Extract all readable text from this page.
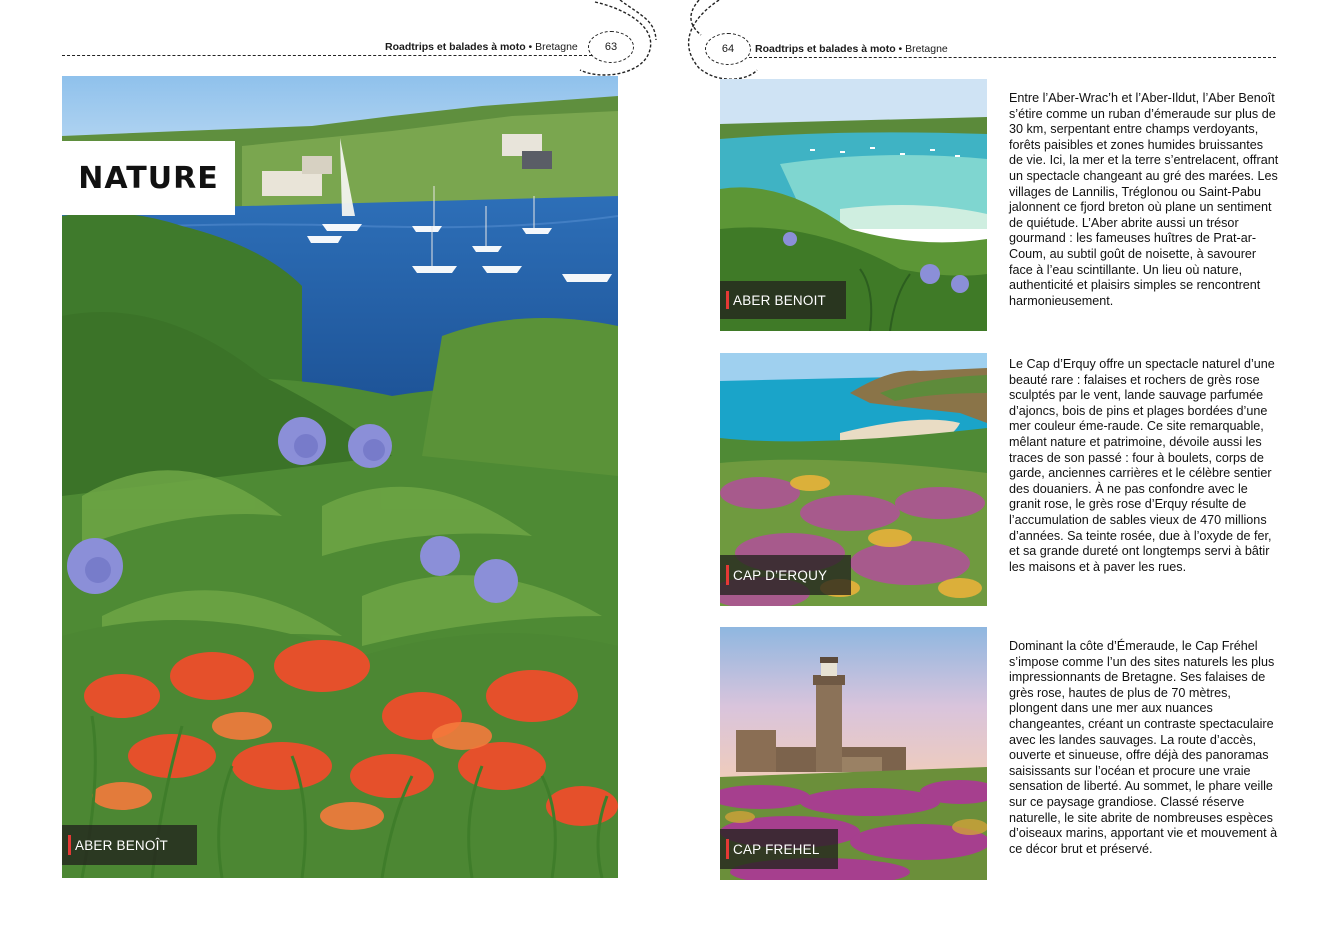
Roadtrips et balades à moto • Bretagne	63
NATURE
ABER BENOÎT
64	Roadtrips et balades à moto • Bretagne
ABER BENOIT
Entre l’Aber-Wrac’h et l’Aber-Ildut, l’Aber Benoît s’étire comme un ruban d’émeraude sur plus de 30 km, serpentant entre champs verdoyants, forêts paisibles et zones humides bruissantes de vie. Ici, la mer et la terre s’entrelacent, offrant un spectacle changeant au gré des marées. Les villages de Lannilis, Tréglonou ou Saint-Pabu jalonnent ce fjord breton où plane un sentiment de quiétude. L’Aber abrite aussi un trésor gourmand : les fameuses huîtres de Prat-ar-Coum, au subtil goût de noisette, à savourer face à l’eau scintillante. Un lieu où nature, authenticité et plaisirs simples se rencontrent harmonieusement.
CAP D’ERQUY
Le Cap d’Erquy offre un spectacle naturel d’une beauté rare : falaises et rochers de grès rose sculptés par le vent, lande sauvage parfumée d’ajoncs, bois de pins et plages bordées d’une mer couleur éme-raude. Ce site remarquable, mêlant nature et patrimoine, dévoile aussi les traces de son passé : four à boulets, corps de garde, anciennes carrières et le célèbre sentier des douaniers. À ne pas confondre avec le granit rose, le grès rose d’Erquy résulte de l’accumulation de sables vieux de 470 millions d’années. Sa teinte rosée, due à l’oxyde de fer, et sa grande dureté ont longtemps servi à bâtir les maisons et à paver les rues.
CAP FREHEL
Dominant la côte d’Émeraude, le Cap Fréhel s’impose comme l’un des sites naturels les plus impressionnants de Bretagne. Ses falaises de grès rose, hautes de plus de 70 mètres, plongent dans une mer aux nuances changeantes, créant un contraste spectaculaire avec les landes sauvages. La route d’accès, ouverte et sinueuse, offre déjà des panoramas saisissants sur l’océan et procure une vraie sensation de liberté. Au sommet, le phare veille sur ce paysage grandiose. Classé réserve naturelle, le site abrite de nombreuses espèces d’oiseaux marins, apportant vie et mouvement à ce décor brut et préservé.
